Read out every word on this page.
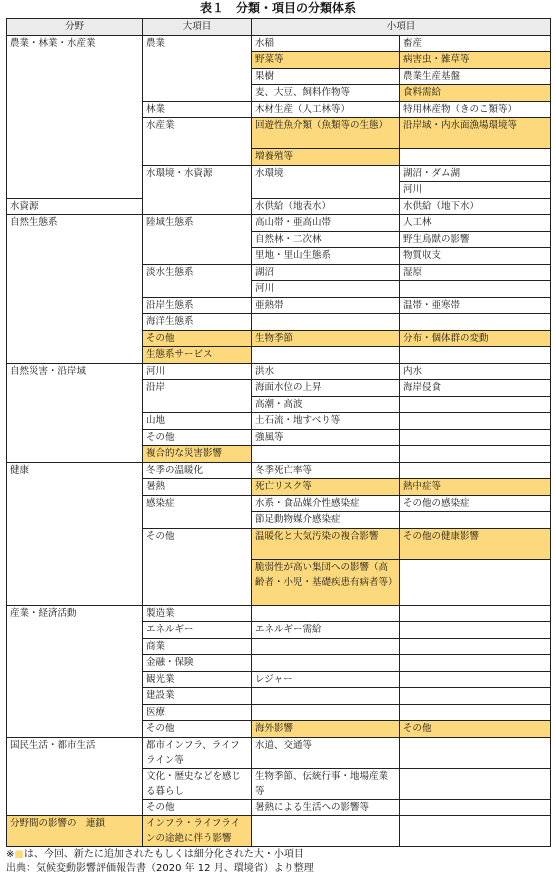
表１　分類・項目の分類体系
分野	大項目	小項目		
農業・林業・水産業	農業	水稲	畜産	
		野菜等	病害虫・雑草等	
		果樹	農業生産基盤	
		麦、大豆、飼料作物等	食料需給	
	林業	木材生産（人工林等）	特用林産物（きのこ類等）	
	水産業	回遊性魚介類（魚類等の生態）	沿岸域・内水面漁場環境等	
		増養殖等		
	水環境・水資源	水環境	湖沼・ダム湖	
			河川	
水資源		水供給（地表水）	水供給（地下水）	
自然生態系	陸域生態系	高山帯・亜高山帯	人工林	
		自然林・二次林	野生鳥獣の影響	
		里地・里山生態系	物質収支	
	淡水生態系	湖沼	湿原	
		河川		
	沿岸生態系	亜熱帯	温帯・亜寒帯	
	海洋生態系			
	その他	生物季節	分布・個体群の変動	
	生態系サービス			
自然災害・沿岸域	河川	洪水	内水	
	沿岸	海面水位の上昇	海岸侵食	
		高潮・高波		
	山地	土石流・地すべり等		
	その他	強風等		
	複合的な災害影響			
健康	冬季の温暖化	冬季死亡率等		
	暑熱	死亡リスク等	熱中症等	
	感染症	水系・食品媒介性感染症	その他の感染症	
		節足動物媒介感染症		
	その他	温暖化と大気汚染の複合影響	その他の健康影響	
		脆弱性が高い集団への影響（高齢者・小児・基礎疾患有病者等）		
産業・経済活動	製造業			
	エネルギー	エネルギー需給		
	商業			
	金融・保険			
	観光業	レジャー		
	建設業			
	医療			
	その他	海外影響	その他	
国民生活・都市生活	都市インフラ、ライフライン等	水道、交通等		
	文化・歴史などを感じる暮らし	生物季節、伝統行事・地場産業等		
	その他	暑熱による生活への影響等		
分野間の影響の　連鎖	インフラ・ライフラインの途絶に伴う影響			
※■は、今回、新たに追加されたもしくは細分化された大・小項目
出典：気候変動影響評価報告書（2020 年 12 月、環境省）より整理
